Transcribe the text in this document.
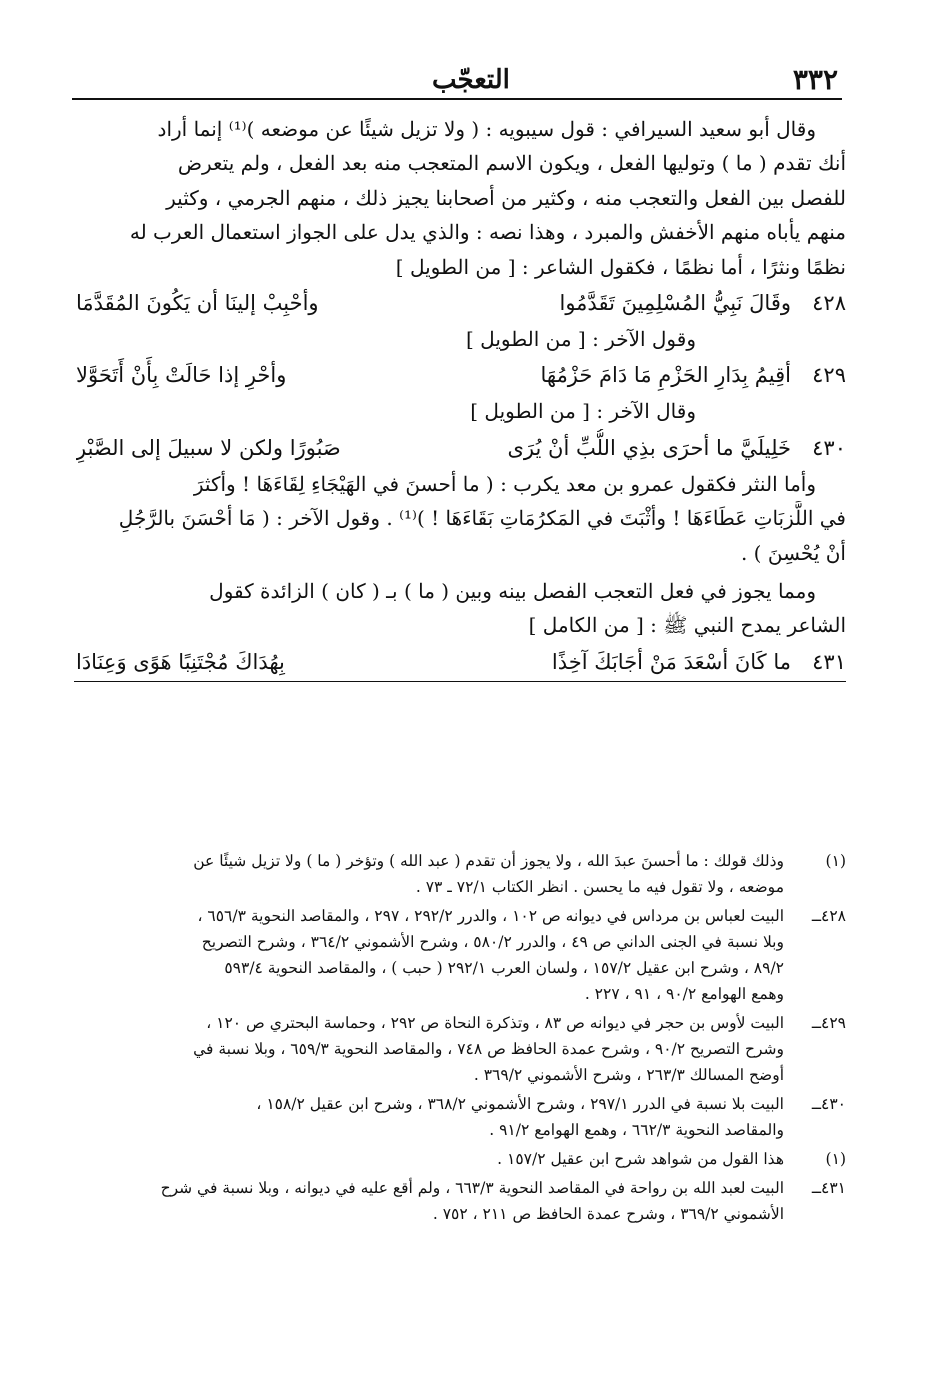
٣٣٢
التعجّب
وقال أبو سعيد السيرافي : قول سيبويه : ( ولا تزيل شيئًا عن موضعه )⁽¹⁾ إنما أراد
أنك تقدم ( ما ) وتوليها الفعل ، ويكون الاسم المتعجب منه بعد الفعل ، ولم يتعرض
للفصل بين الفعل والتعجب منه ، وكثير من أصحابنا يجيز ذلك ، منهم الجرمي ، وكثير
منهم يأباه منهم الأخفش والمبرد ، وهذا نصه : والذي يدل على الجواز استعمال العرب له
نظمًا ونثرًا ، أما نظمًا ، فكقول الشاعر : [ من الطويل ]
٤٢٨
وقَالَ نَبِيُّ المُسْلِمِينَ تَقَدَّمُوا
وأحْبِبْ إلينَا أن يَكُونَ المُقَدَّمَا
وقول الآخر : [ من الطويل ]
٤٢٩
أقِيمُ بِدَارِ الحَزْمِ مَا دَامَ حَزْمُهَا
وأحْرِ إذا حَالَتْ بِأَنْ أَتَحَوَّلا
وقال الآخر : [ من الطويل ]
٤٣٠
خَلِيلَيَّ ما أحرَى بذِي اللُّبِّ أنْ يُرَى
صَبُورًا ولكن لا سبيلَ إلى الصَّبْرِ
وأما النثر فكقول عمرو بن معد يكرب : ( ما أحسنَ في الهَيْجَاءِ لِقَاءَهَا ! وأكثرَ
في اللَّزبَاتِ عَطَاءَهَا ! وأثْبَتَ في المَكرُمَاتِ بَقَاءَهَا ! )⁽¹⁾ . وقول الآخر : ( مَا أحْسَنَ بالرَّجُلِ
أنْ يُحْسِنَ ) .
ومما يجوز في فعل التعجب الفصل بينه وبين ( ما ) بـ ( كان ) الزائدة كقول
الشاعر يمدح النبي ﷺ : [ من الكامل ]
٤٣١
ما كَانَ أسْعَدَ مَنْ أجَابَكَ آخِذًا
بِهُدَاكَ مُجْتَنِبًا هَوًى وَعِنَادَا
(١)
وذلك قولك : ما أحسنَ عبدَ الله ، ولا يجوز أن تقدم ( عبد الله ) وتؤخر ( ما ) ولا تزيل شيئًا عن
موضعه ، ولا تقول فيه ما يحسن . انظر الكتاب ٧٢/١ ـ ٧٣ .
٤٢٨ــ
البيت لعباس بن مرداس في ديوانه ص ١٠٢ ، والدرر ٢٩٢/٢ ، ٢٩٧ ، والمقاصد النحوية ٦٥٦/٣ ،
وبلا نسبة في الجنى الداني ص ٤٩ ، والدرر ٥٨٠/٢ ، وشرح الأشموني ٣٦٤/٢ ، وشرح التصريح
٨٩/٢ ، وشرح ابن عقيل ١٥٧/٢ ، ولسان العرب ٢٩٢/١ ( حبب ) ، والمقاصد النحوية ٥٩٣/٤
وهمع الهوامع ٩٠/٢ ، ٩١ ، ٢٢٧ .
٤٢٩ــ
البيت لأوس بن حجر في ديوانه ص ٨٣ ، وتذكرة النحاة ص ٢٩٢ ، وحماسة البحتري ص ١٢٠ ،
وشرح التصريح ٩٠/٢ ، وشرح عمدة الحافظ ص ٧٤٨ ، والمقاصد النحوية ٦٥٩/٣ ، وبلا نسبة في
أوضح المسالك ٢٦٣/٣ ، وشرح الأشموني ٣٦٩/٢ .
٤٣٠ــ
البيت بلا نسبة في الدرر ٢٩٧/١ ، وشرح الأشموني ٣٦٨/٢ ، وشرح ابن عقيل ١٥٨/٢ ،
والمقاصد النحوية ٦٦٢/٣ ، وهمع الهوامع ٩١/٢ .
(١)
هذا القول من شواهد شرح ابن عقيل ١٥٧/٢ .
٤٣١ــ
البيت لعبد الله بن رواحة في المقاصد النحوية ٦٦٣/٣ ، ولم أقع عليه في ديوانه ، وبلا نسبة في شرح
الأشموني ٣٦٩/٢ ، وشرح عمدة الحافظ ص ٢١١ ، ٧٥٢ .
